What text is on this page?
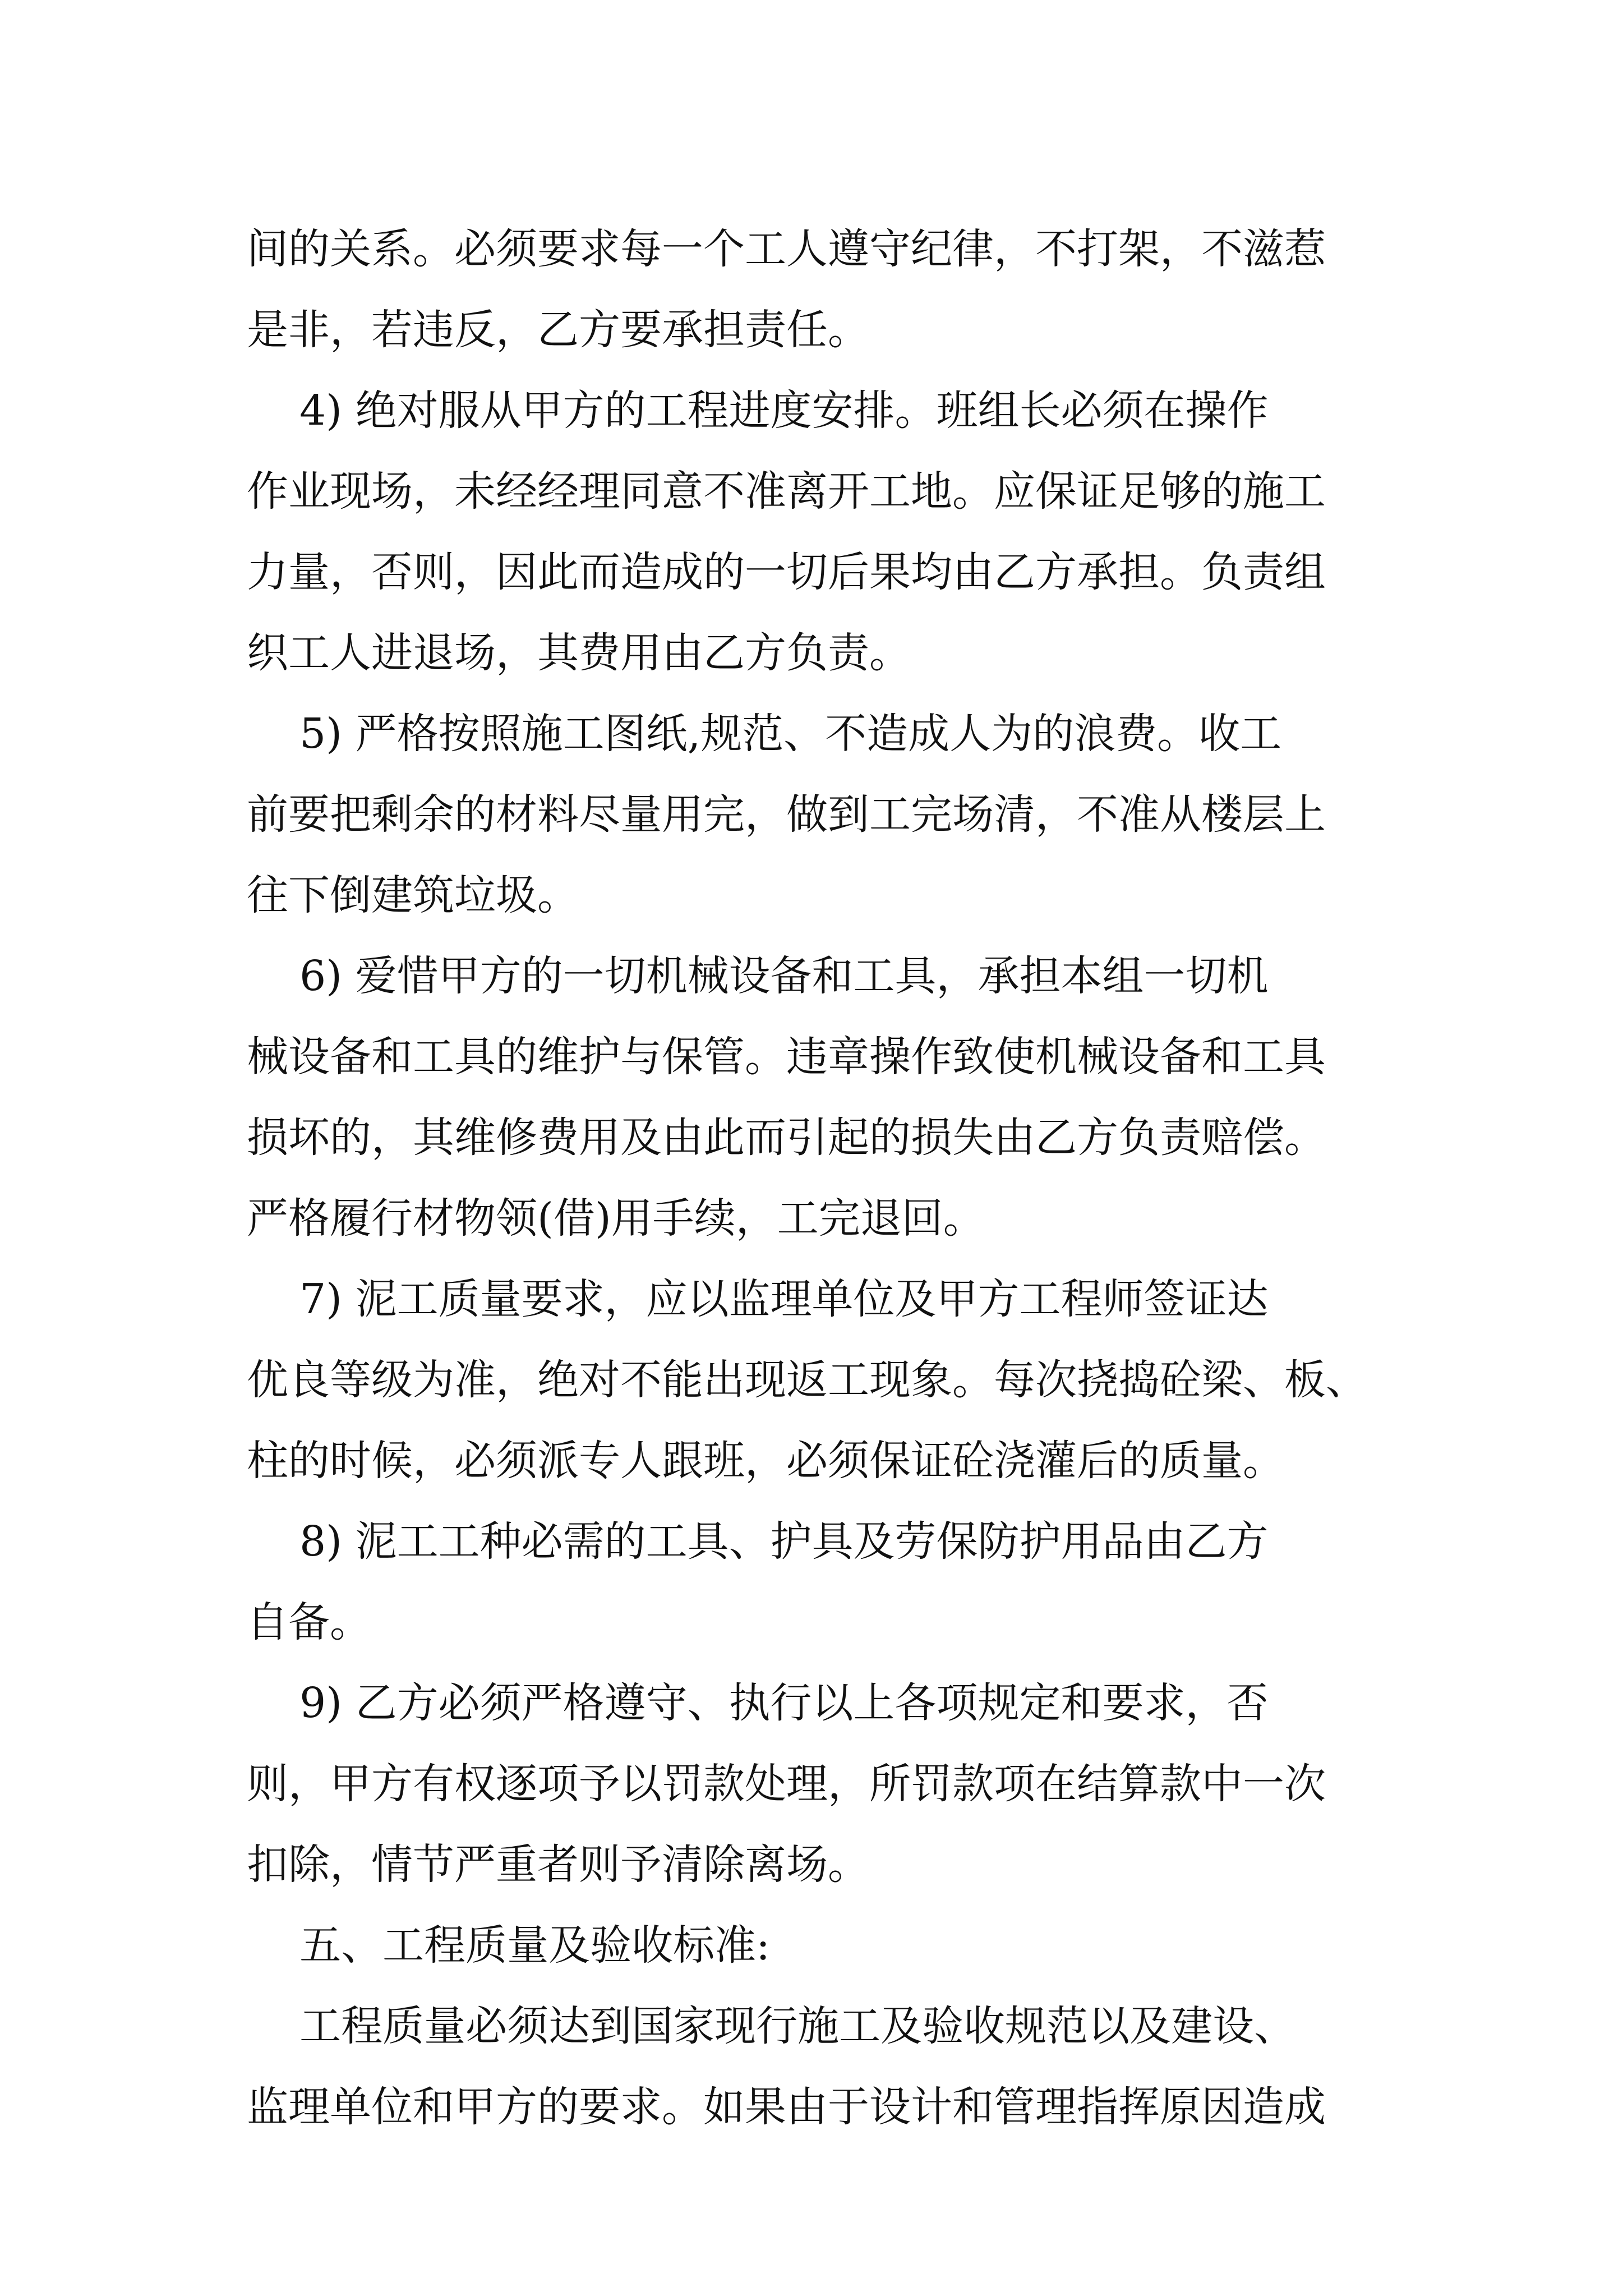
间的关系。必须要求每一个工人遵守纪律，不打架，不滋惹
是非，若违反，乙方要承担责任。
4) 绝对服从甲方的工程进度安排。班组长必须在操作
作业现场，未经经理同意不准离开工地。应保证足够的施工
力量，否则，因此而造成的一切后果均由乙方承担。负责组
织工人进退场，其费用由乙方负责。
5) 严格按照施工图纸,规范、不造成人为的浪费。收工
前要把剩余的材料尽量用完，做到工完场清，不准从楼层上
往下倒建筑垃圾。
6) 爱惜甲方的一切机械设备和工具，承担本组一切机
械设备和工具的维护与保管。违章操作致使机械设备和工具
损坏的，其维修费用及由此而引起的损失由乙方负责赔偿。
严格履行材物领(借)用手续，工完退回。
7) 泥工质量要求，应以监理单位及甲方工程师签证达
优良等级为准，绝对不能出现返工现象。每次挠捣砼梁、板、
柱的时候，必须派专人跟班，必须保证砼浇灌后的质量。
8) 泥工工种必需的工具、护具及劳保防护用品由乙方
自备。
9) 乙方必须严格遵守、执行以上各项规定和要求，否
则，甲方有权逐项予以罚款处理，所罚款项在结算款中一次
扣除，情节严重者则予清除离场。
五、工程质量及验收标准:
工程质量必须达到国家现行施工及验收规范以及建设、
监理单位和甲方的要求。如果由于设计和管理指挥原因造成
